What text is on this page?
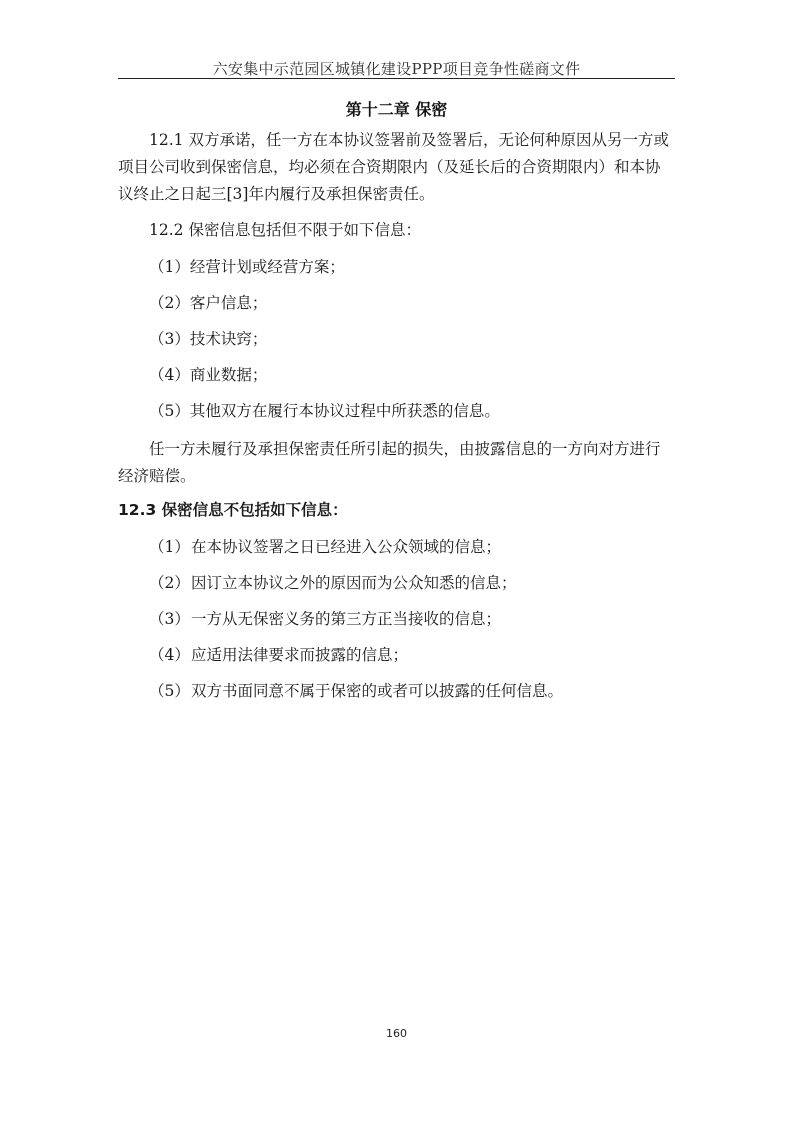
六安集中示范园区城镇化建设PPP项目竞争性磋商文件
第十二章 保密
12.1 双方承诺，任一方在本协议签署前及签署后，无论何种原因从另一方或项目公司收到保密信息，均必须在合资期限内（及延长后的合资期限内）和本协议终止之日起三[3]年内履行及承担保密责任。
12.2 保密信息包括但不限于如下信息：
（1）经营计划或经营方案；
（2）客户信息；
（3）技术诀窍；
（4）商业数据；
（5）其他双方在履行本协议过程中所获悉的信息。
任一方未履行及承担保密责任所引起的损失，由披露信息的一方向对方进行经济赔偿。
12.3 保密信息不包括如下信息：
（1）在本协议签署之日已经进入公众领域的信息；
（2）因订立本协议之外的原因而为公众知悉的信息；
（3）一方从无保密义务的第三方正当接收的信息；
（4）应适用法律要求而披露的信息；
（5）双方书面同意不属于保密的或者可以披露的任何信息。
160
